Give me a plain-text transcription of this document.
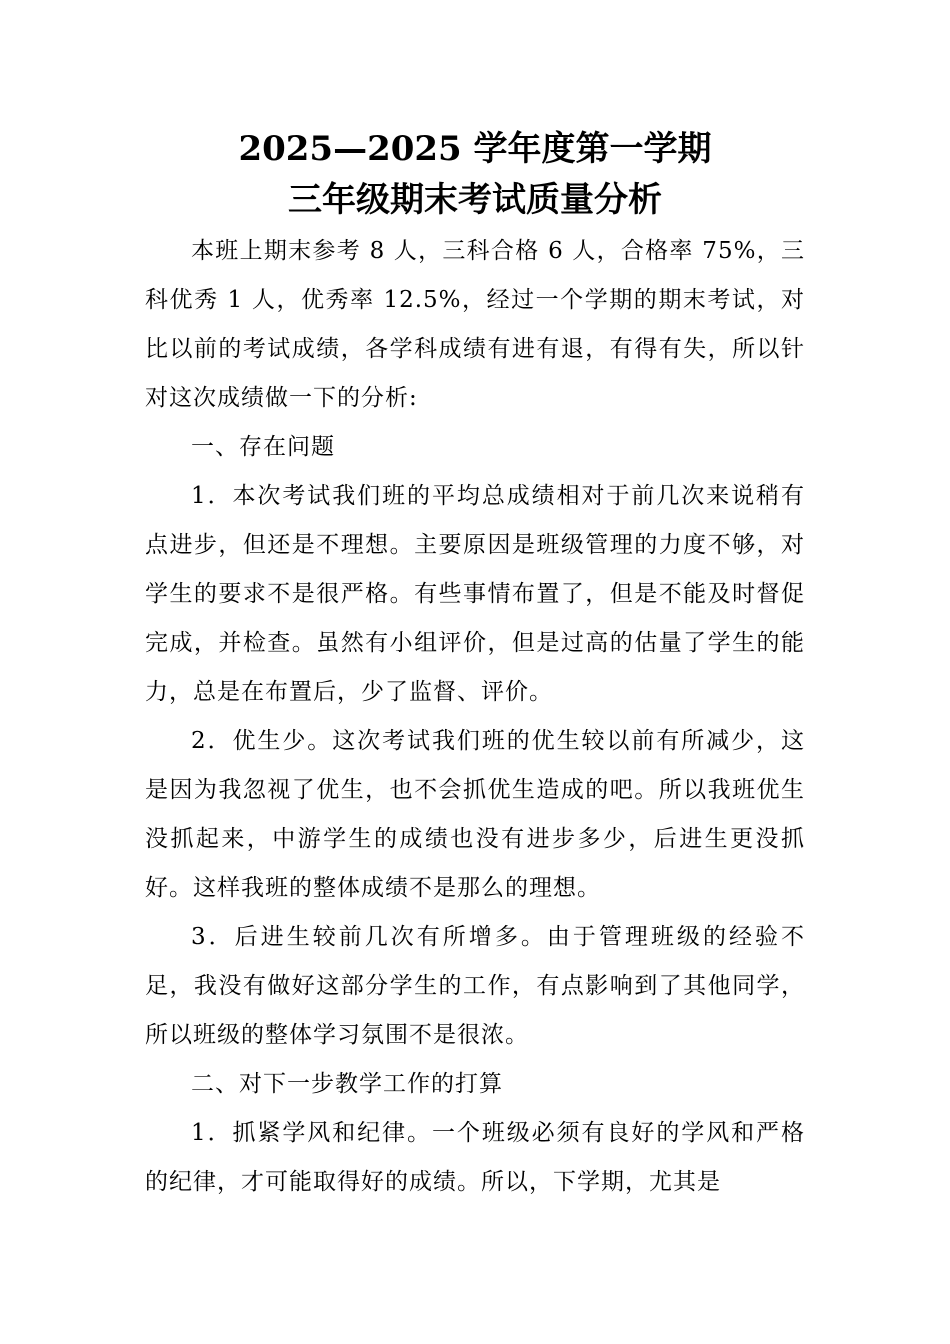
2025—2025 学年度第一学期
三年级期末考试质量分析

本班上期末参考 8 人，三科合格 6 人，合格率 75%，三科优秀 1 人，优秀率 12.5%，经过一个学期的期末考试，对比以前的考试成绩，各学科成绩有进有退，有得有失，所以针对这次成绩做一下的分析:

一、存在问题

1．本次考试我们班的平均总成绩相对于前几次来说稍有点进步，但还是不理想。主要原因是班级管理的力度不够，对学生的要求不是很严格。有些事情布置了，但是不能及时督促完成，并检查。虽然有小组评价，但是过高的估量了学生的能力，总是在布置后，少了监督、评价。

2．优生少。这次考试我们班的优生较以前有所减少，这是因为我忽视了优生，也不会抓优生造成的吧。所以我班优生没抓起来，中游学生的成绩也没有进步多少，后进生更没抓好。这样我班的整体成绩不是那么的理想。

3．后进生较前几次有所增多。由于管理班级的经验不足，我没有做好这部分学生的工作，有点影响到了其他同学，所以班级的整体学习氛围不是很浓。

二、对下一步教学工作的打算

1．抓紧学风和纪律。一个班级必须有良好的学风和严格的纪律，才可能取得好的成绩。所以，下学期，尤其是
